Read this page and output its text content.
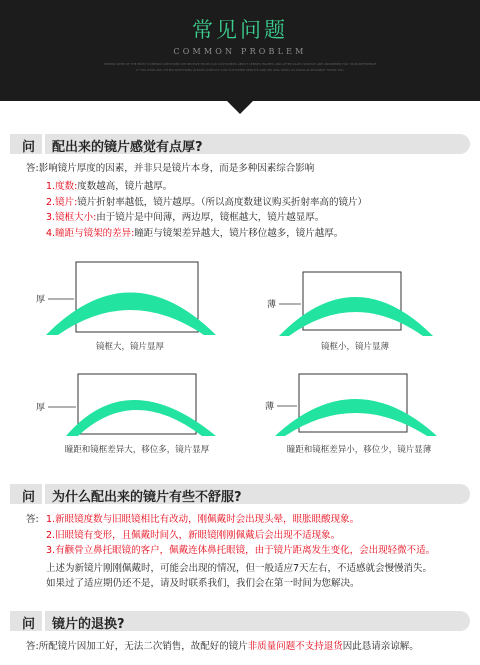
常见问题
COMMON PROBLEM
HEREIN SOME OF THE MOST COMMON QUESTIONS WE RECEIVE FROM OUR CUSTOMERS ABOUT LENSES FRAMES AND AFTER SALES SERVICE ARE ANSWERED FOR YOUR REFERENCE
IF YOU HAVE ANY OTHER QUESTIONS PLEASE CONTACT OUR CUSTOMER SERVICE AND WE WILL REPLY AS SOON AS POSSIBLE THANK YOU
问 配出来的镜片感觉有点厚?
答:影响镜片厚度的因素，并非只是镜片本身，而是多种因素综合影响
1.度数:度数越高，镜片越厚。
2.镜片:镜片折射率越低，镜片越厚。（所以高度数建议购买折射率高的镜片）
3.镜框大小:由于镜片是中间薄，两边厚，镜框越大，镜片越显厚。
4.瞳距与镜架的差异:瞳距与镜架差异越大，镜片移位越多，镜片越厚。
厚
镜框大，镜片显厚
薄
镜框小，镜片显薄
厚
瞳距和镜框差异大，移位多，镜片显厚
薄
瞳距和镜框差异小，移位少，镜片显薄
问 为什么配出来的镜片有些不舒服?
答: 1.新眼镜度数与旧眼镜相比有改动，刚佩戴时会出现头晕，眼胀眼酸现象。
2.旧眼镜有变形，且佩戴时间久，新眼镜刚刚佩戴后会出现不适现象。
3.有颧骨立鼻托眼镜的客户，佩戴连体鼻托眼镜，由于镜片距离发生变化，会出现轻微不适。
上述为新镜片刚刚佩戴时，可能会出现的情况，但一般适应7天左右，不适感就会慢慢消失。
如果过了适应期仍还不是，请及时联系我们，我们会在第一时间为您解决。
问 镜片的退换?
答:所配镜片因加工好，无法二次销售，故配好的镜片非质量问题不支持退货因此恳请亲谅解。
